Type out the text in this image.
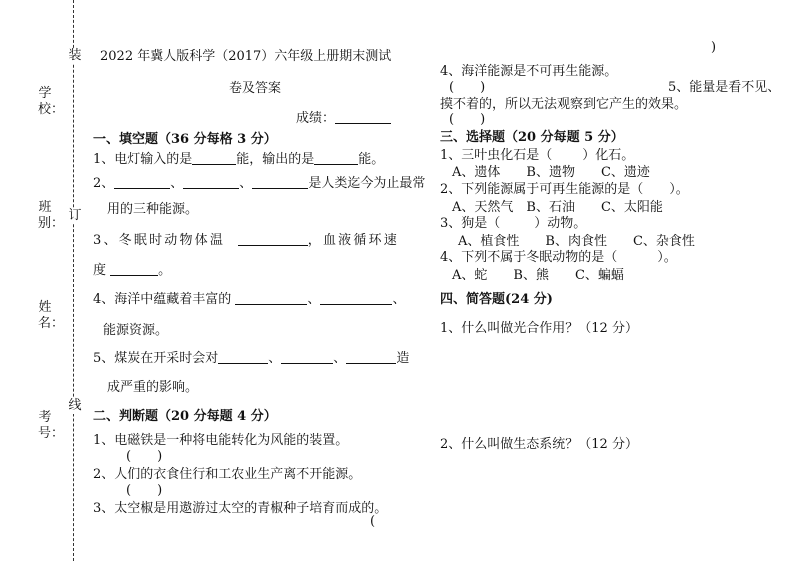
装
订
线
学校：
班别：
姓名：
考号：
2022 年冀人版科学（2017）六年级上册期末测试
卷及答案
成绩：
一、填空题（36 分每格 3 分）
1、电灯输入的是	能，输出的是	能。
2、	、	、	是人类迄今为止最常
用的三种能源。
3、冬眠时动物体温	，血液循环速
度	。
4、海洋中蕴藏着丰富的	、	、
能源资源。
5、煤炭在开采时会对	、	、	造
成严重的影响。
二、判断题（20 分每题 4 分）
1、电磁铁是一种将电能转化为风能的装置。
(　　)
2、人们的衣食住行和工农业生产离不开能源。
(　　)
3、太空椒是用遨游过太空的青椒种子培育而成的。
(
)
4、海洋能源是不可再生能源。
(　　)	5、能量是看不见、
摸不着的，所以无法观察到它产生的效果。
(　　)
三、选择题（20 分每题 5 分）
1、三叶虫化石是（ ）化石。
A、遗体　　B、遗物　　C、遗迹
2、下列能源属于可再生能源的是（ ）。
A、天然气　B、石油　　C、太阳能
3、狗是（	）动物。
A、植食性　　B、肉食性　　C、杂食性
4、下列不属于冬眠动物的是（	）。
A、蛇　　B、熊　　C、蝙蝠
四、简答题(24 分)
1、什么叫做光合作用？（12 分）
2、什么叫做生态系统？（12 分）
